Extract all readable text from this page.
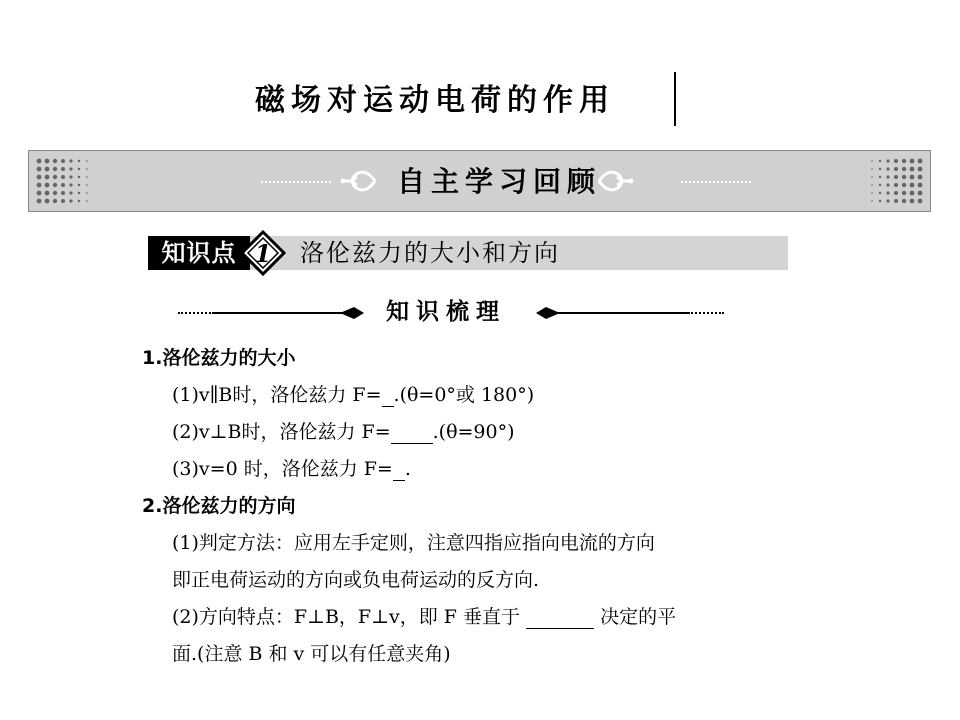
磁场对运动电荷的作用
自主学习回顾
知识点 1 洛伦兹力的大小和方向
知识梳理
1.洛伦兹力的大小
(1)v∥B时，洛伦兹力 F= .(θ=0°或 180°)
(2)v⊥B时，洛伦兹力 F= .(θ=90°)
(3)v=0 时，洛伦兹力 F= .
2.洛伦兹力的方向
(1)判定方法：应用左手定则，注意四指应指向电流的方向
即正电荷运动的方向或负电荷运动的反方向.
(2)方向特点：F⊥B，F⊥v，即 F 垂直于	决定的平
面.(注意 B 和 v 可以有任意夹角)
